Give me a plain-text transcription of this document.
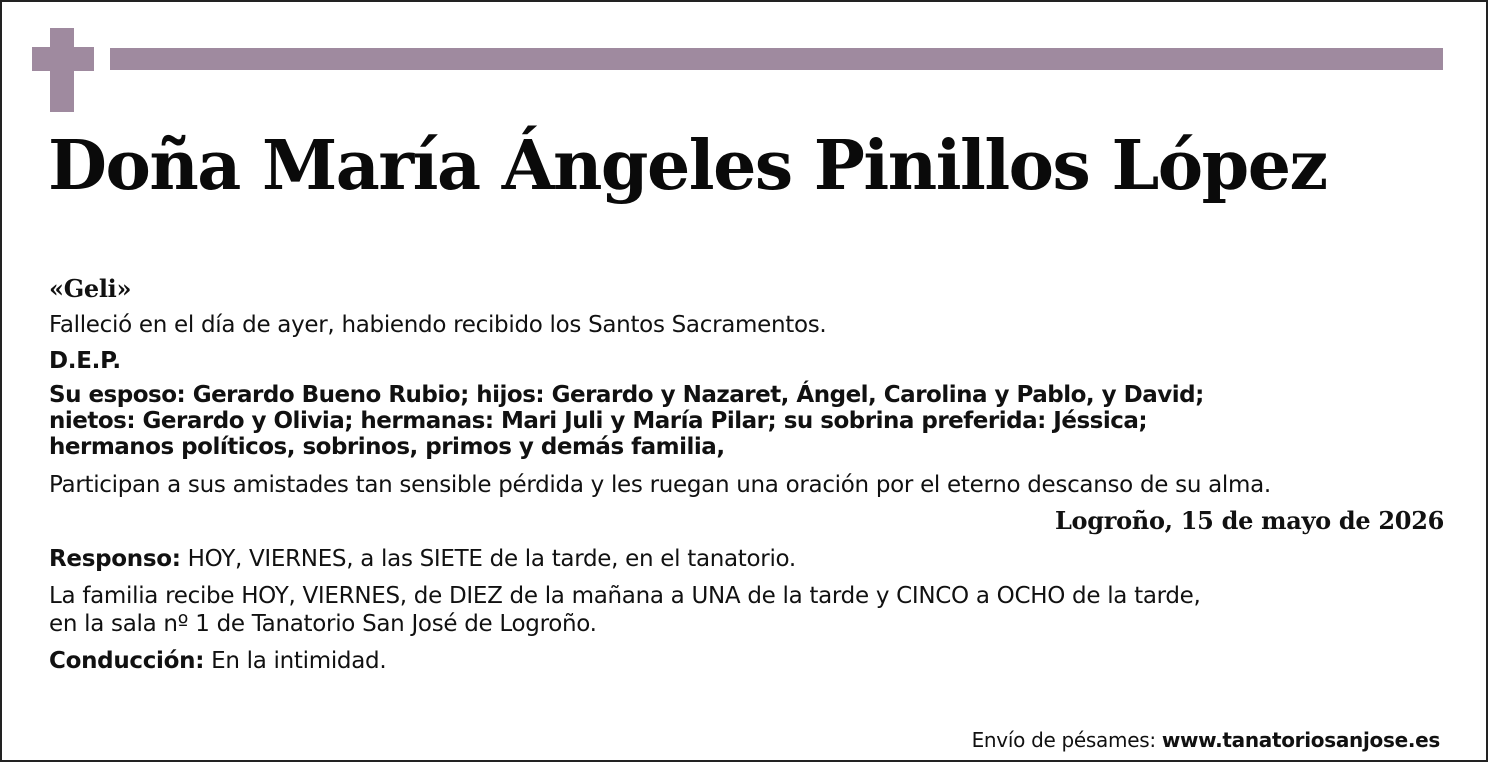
Doña María Ángeles Pinillos López

«Geli»

Falleció en el día de ayer, habiendo recibido los Santos Sacramentos.

D.E.P.

Su esposo: Gerardo Bueno Rubio; hijos: Gerardo y Nazaret, Ángel, Carolina y Pablo, y David;

nietos: Gerardo y Olivia; hermanas: Mari Juli y María Pilar; su sobrina preferida: Jéssica;

hermanos políticos, sobrinos, primos y demás familia,

Participan a sus amistades tan sensible pérdida y les ruegan una oración por el eterno descanso de su alma.

Logroño, 15 de mayo de 2026

Responso: HOY, VIERNES, a las SIETE de la tarde, en el tanatorio.

La familia recibe HOY, VIERNES, de DIEZ de la mañana a UNA de la tarde y CINCO a OCHO de la tarde,

en la sala nº 1 de Tanatorio San José de Logroño.

Conducción: En la intimidad.

Envío de pésames: www.tanatoriosanjose.es
